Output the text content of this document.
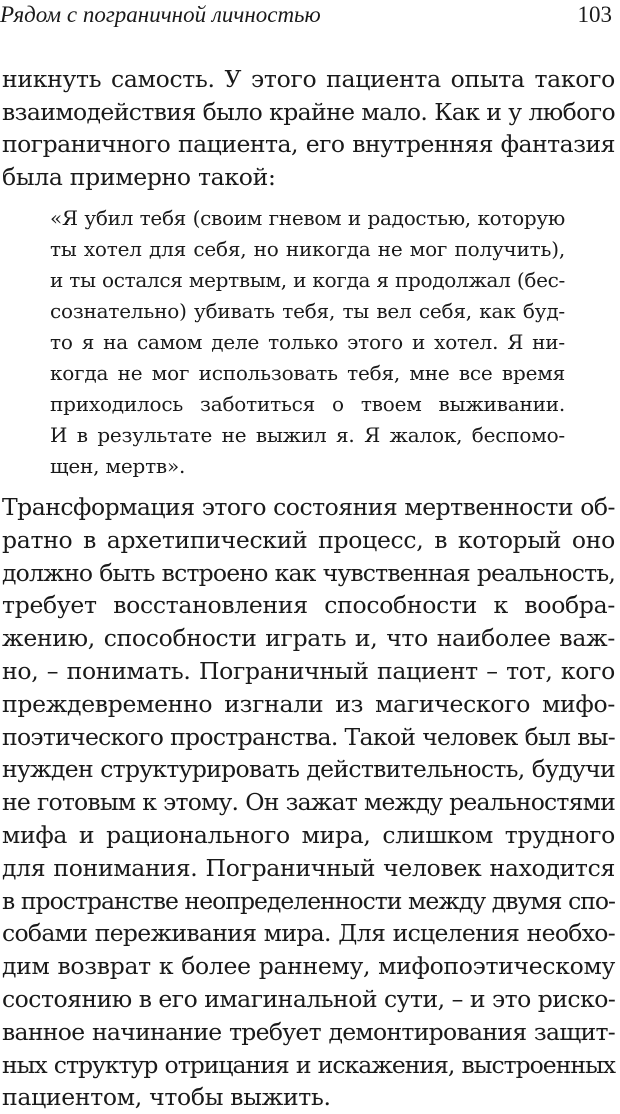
Рядом с пограничной личностью	103
никнуть самость. У этого пациента опыта такого
взаимодействия было крайне мало. Как и у любого
пограничного пациента, его внутренняя фантазия
была примерно такой:
«Я убил тебя (своим гневом и радостью, которую
ты хотел для себя, но никогда не мог получить),
и ты остался мертвым, и когда я продолжал (бес-
сознательно) убивать тебя, ты вел себя, как буд-
то я на самом деле только этого и хотел. Я ни-
когда не мог использовать тебя, мне все время
приходилось заботиться о твоем выживании.
И в результате не выжил я. Я жалок, беспомо-
щен, мертв».
Трансформация этого состояния мертвенности об-
ратно в архетипический процесс, в который оно
должно быть встроено как чувственная реальность,
требует восстановления способности к вообра-
жению, способности играть и, что наиболее важ-
но, – понимать. Пограничный пациент – тот, кого
преждевременно изгнали из магического мифо-
поэтического пространства. Такой человек был вы-
нужден структурировать действительность, будучи
не готовым к этому. Он зажат между реальностями
мифа и рационального мира, слишком трудного
для понимания. Пограничный человек находится
в пространстве неопределенности между двумя спо-
собами переживания мира. Для исцеления необхо-
дим возврат к более раннему, мифопоэтическому
состоянию в его имагинальной сути, – и это риско-
ванное начинание требует демонтирования защит-
ных структур отрицания и искажения, выстроенных
пациентом, чтобы выжить.
